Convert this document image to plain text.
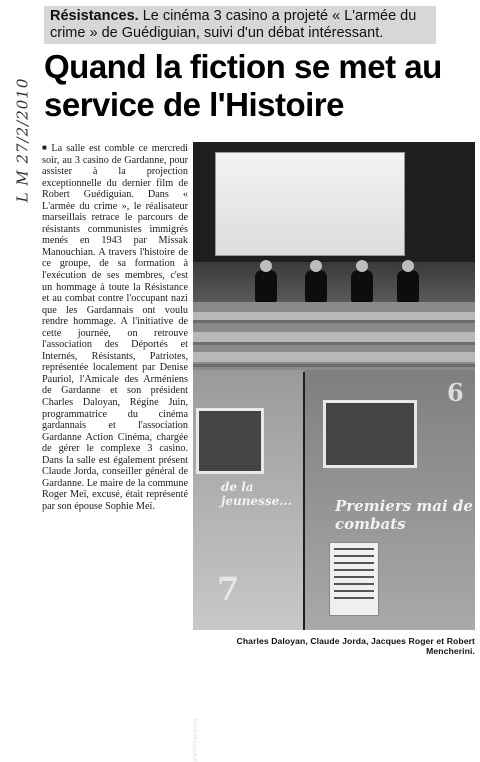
L M 27/2/2010
Résistances. Le cinéma 3 casino a projeté « L'armée du crime » de Guédiguian, suivi d'un débat intéressant.
Quand la fiction se met au service de l'Histoire
■ La salle est comble ce mercredi soir, au 3 casino de Gardanne, pour assister à la projection exceptionnelle du dernier film de Robert Guédiguian. Dans « L'armée du crime », le réalisateur marseillais retrace le parcours de résistants communistes immigrés menés en 1943 par Missak Manouchian. A travers l'histoire de ce groupe, de sa formation à l'exécution de ses membres, c'est un hommage à toute la Résistance et au combat contre l'occupant nazi que les Gardannais ont voulu rendre hommage. A l'initiative de cette journée, on retrouve l'association des Déportés et Internés, Résistants, Patriotes, représentée localement par Denise Pauriol, l'Amicale des Arméniens de Gardanne et son président Charles Daloyan, Régine Juin, programmatrice du cinéma gardannais et l'association Gardanne Action Cinéma, chargée de gérer le complexe 3 casino. Dans la salle est également présent Claude Jorda, conseiller général de Gardanne. Le maire de la commune Roger Meï, excusé, était représenté par son épouse Sophie Meï.
de la jeunesse...
7
6
Premiers mai de combats
(PHOTO ALDON)
Charles Daloyan, Claude Jorda, Jacques Roger et Robert Mencherini.
